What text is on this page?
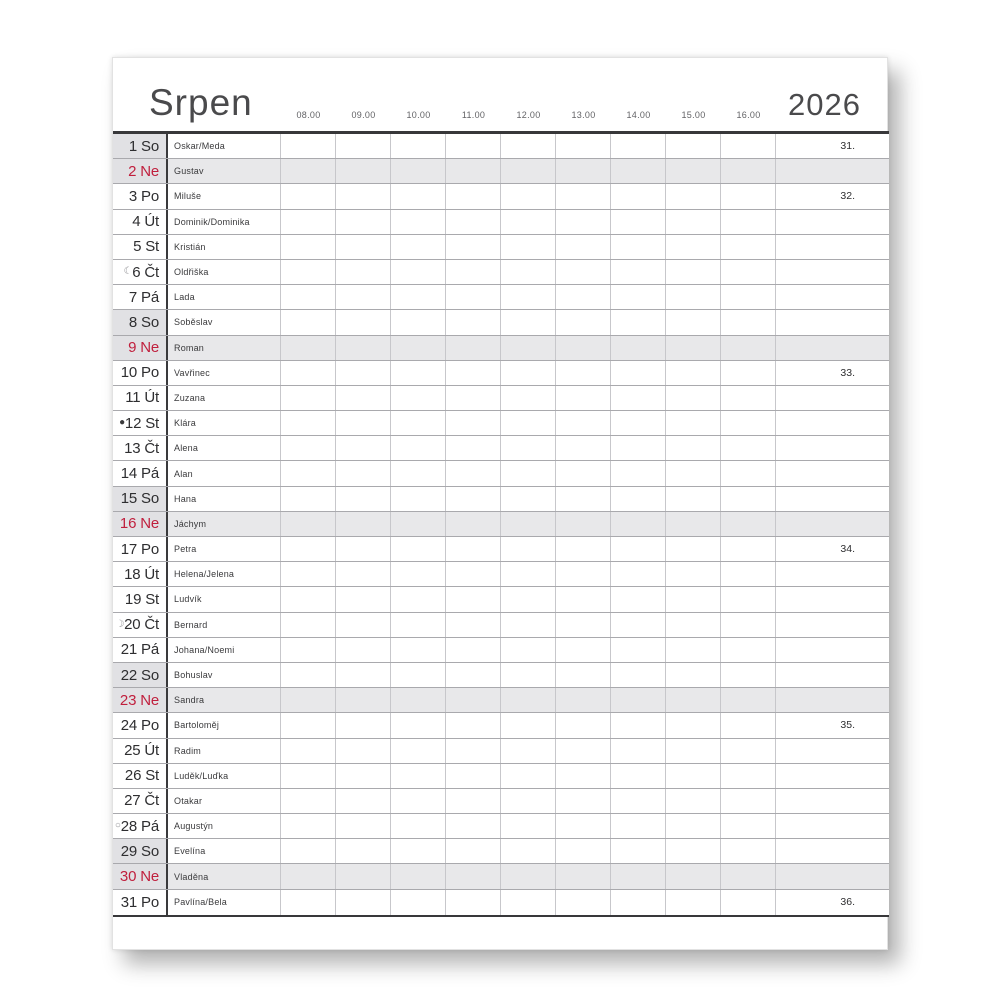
Srpen	2026
08.00	09.00	10.00	11.00	12.00	13.00	14.00	15.00	16.00
1 So	Oskar/Meda	31.
2 Ne	Gustav
3 Po	Miluše	32.
4 Út	Dominik/Dominika
5 St	Kristián
☾ 6 Čt	Oldřiška
7 Pá	Lada
8 So	Soběslav
9 Ne	Roman
10 Po	Vavřinec	33.
11 Út	Zuzana
● 12 St	Klára
13 Čt	Alena
14 Pá	Alan
15 So	Hana
16 Ne	Jáchym
17 Po	Petra	34.
18 Út	Helena/Jelena
19 St	Ludvík
☽ 20 Čt	Bernard
21 Pá	Johana/Noemi
22 So	Bohuslav
23 Ne	Sandra
24 Po	Bartoloměj	35.
25 Út	Radim
26 St	Luděk/Luďka
27 Čt	Otakar
○ 28 Pá	Augustýn
29 So	Evelína
30 Ne	Vladěna
31 Po	Pavlína/Bela	36.
